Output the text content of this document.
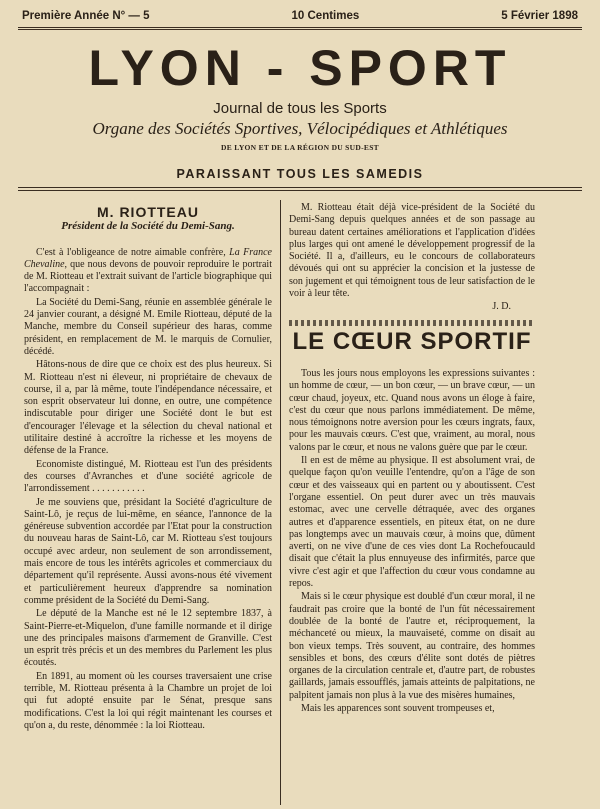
Première Année N° — 5	10 Centimes	5 Février 1898
LYON - SPORT
Journal de tous les Sports
Organe des Sociétés Sportives, Vélocipédiques et Athlétiques
DE LYON ET DE LA RÉGION DU SUD-EST
PARAISSANT TOUS LES SAMEDIS
M. RIOTTEAU
Président de la Société du Demi-Sang.

C'est à l'obligeance de notre aimable confrère, La France Chevaline, que nous devons de pouvoir reproduire le portrait de M. Riotteau et l'extrait suivant de l'article biographique qui l'accompagnait :

La Société du Demi-Sang, réunie en assemblée générale le 24 janvier courant, a désigné M. Emile Riotteau, député de la Manche, membre du Conseil supérieur des haras, comme président, en remplacement de M. le marquis de Cornulier, décédé.

Hâtons-nous de dire que ce choix est des plus heureux. Si M. Riotteau n'est ni éleveur, ni propriétaire de chevaux de course, il a, par là même, toute l'indépendance nécessaire, et son esprit observateur lui donne, en outre, une compétence indiscutable pour diriger une Société dont le but est d'encourager l'élevage et la sélection du cheval national et utilitaire destiné à accroître la richesse et les moyens de défense de la France.

Economiste distingué, M. Riotteau est l'un des présidents des courses d'Avranches et d'une société agricole de l'arrondissement . . . . . . . . . . .

Je me souviens que, présidant la Société d'agriculture de Saint-Lô, je reçus de lui-même, en séance, l'annonce de la généreuse subvention accordée par l'Etat pour la construction du nouveau haras de Saint-Lô, car M. Riotteau s'est toujours occupé avec ardeur, non seulement de son arrondissement, mais encore de tous les intérêts agricoles et commerciaux du département qu'il représente. Aussi avons-nous été vivement et particulièrement heureux d'apprendre sa nomination comme président de la Société du Demi-Sang.

Le député de la Manche est né le 12 septembre 1837, à Saint-Pierre-et-Miquelon, d'une famille normande et il dirige une des principales maisons d'armement de Granville. C'est un esprit très précis et un des membres du Parlement les plus écoutés.

En 1891, au moment où les courses traversaient une crise terrible, M. Riotteau présenta à la Chambre un projet de loi qui fut adopté ensuite par le Sénat, presque sans modifications. C'est la loi qui régit maintenant les courses et qu'on a, du reste, dénommée : la loi Riotteau.

M. Riotteau était déjà vice-président de la Société du Demi-Sang depuis quelques années et de son passage au bureau datent certaines améliorations et l'application d'idées plus larges qui ont amené le développement progressif de la Société. Il a, d'ailleurs, eu le concours de collaborateurs dévoués qui ont su apprécier la concision et la justesse de son jugement et qui témoignent tous de leur satisfaction de le voir à leur tête.

J. D.

LE CŒUR SPORTIF

Tous les jours nous employons les expressions suivantes : un homme de cœur, — un bon cœur, — un brave cœur, — un cœur chaud, joyeux, etc. Quand nous avons un éloge à faire, c'est du cœur que nous parlons immédiatement. De même, nous témoignons notre aversion pour les cœurs ingrats, faux, pour les mauvais cœurs. C'est que, vraiment, au moral, nous valons par le cœur, et nous ne valons guère que par le cœur.

Il en est de même au physique. Il est absolument vrai, de quelque façon qu'on veuille l'entendre, qu'on a l'âge de son cœur et des vaisseaux qui en partent ou y aboutissent. C'est l'organe essentiel. On peut durer avec un très mauvais estomac, avec une cervelle détraquée, avec des organes autres et d'apparence essentiels, en piteux état, on ne dure pas longtemps avec un mauvais cœur, à moins que, dûment averti, on ne vive d'une de ces vies dont La Rochefoucauld disait que c'était la plus ennuyeuse des infirmités, parce que vivre c'est agir et que l'affection du cœur vous condamne au repos.

Mais si le cœur physique est doublé d'un cœur moral, il ne faudrait pas croire que la bonté de l'un fût nécessairement doublée de la bonté de l'autre et, réciproquement, la méchanceté ou mieux, la mauvaiseté, comme on disait au bon vieux temps. Très souvent, au contraire, des hommes sensibles et bons, des cœurs d'élite sont dotés de piètres organes de la circulation centrale et, d'autre part, de robustes gaillards, jamais essoufflés, jamais atteints de palpitations, ne palpitent jamais non plus à la vue des misères humaines,

Mais les apparences sont souvent trompeuses et,
